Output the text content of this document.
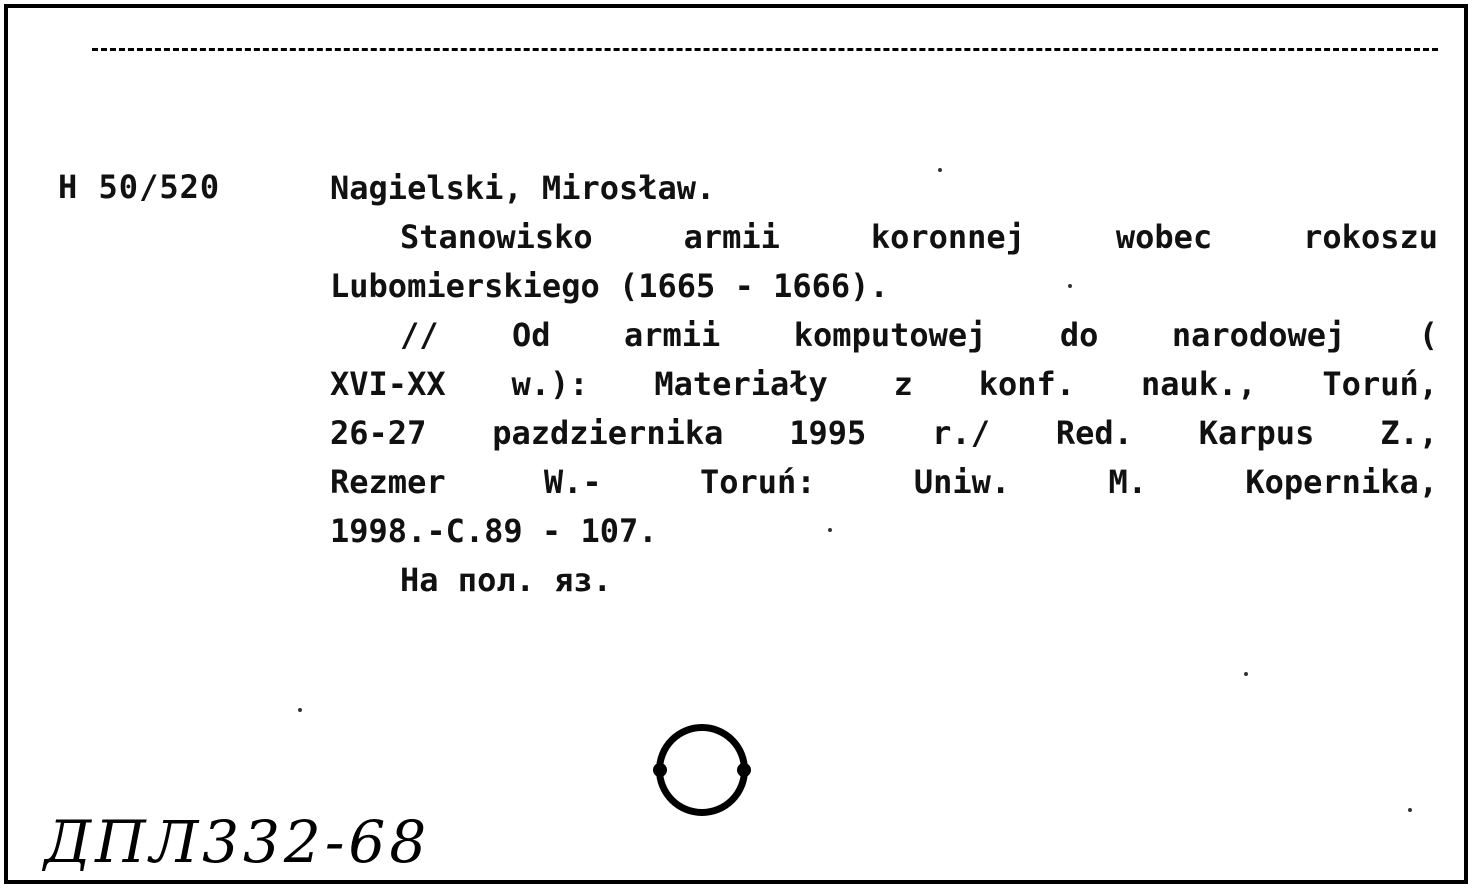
Н 50/520	Nagielski, Mirosław.
Stanowisko armii koronnej wobec rokoszu
Lubomierskiego (1665 - 1666).
// Od armii komputowej do narodowej (
XVI-XX w.): Materiały z konf. nauk., Toruń,
26-27 pazdziernika 1995 r./ Red. Karpus Z.,
Rezmer W.- Toruń: Uniw. M. Kopernika,
1998.-С.89 - 107.
На пол. яз.
ДПЛ332-68
